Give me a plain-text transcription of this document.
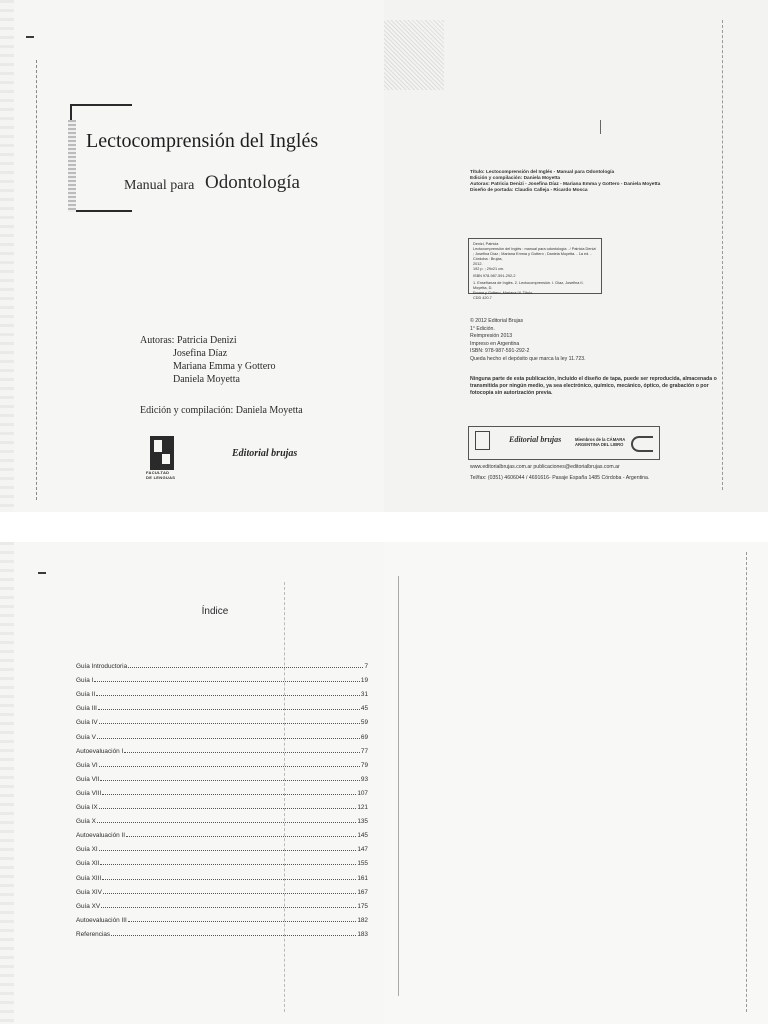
Lectocomprensión del Inglés
Manual para Odontología
Autoras: Patricia Denizi
Josefina Díaz
Mariana Emma y Gottero
Daniela Moyetta
Edición y compilación: Daniela Moyetta
FACULTAD DE LENGUAS
Editorial brujas
Título: Lectocomprensión del Inglés - Manual para Odontología
Edición y compilación: Daniela Moyetta
Autoras: Patricia Denizi - Josefina Díaz - Mariana Emma y Gottero - Daniela Moyetta
Diseño de portada: Claudio Calleja - Ricardo Mosca
Denizi, Patricia
Lectocomprensión del Inglés : manual para odontología . / Patricia Denizi
; Josefina Díaz ; Mariana Emma y Gottero ; Daniela Moyetta. - 1a ed. - Córdoba : Brujas,
2012.
192 p. ; 29x21 cm.
ISBN 978-987-591-292-2
1. Enseñanza de Inglés. 2. Lectocomprensión. I. Díaz, Josefina II. Moyetta, D.
Emma y Gottero, Mariana III. Título
CDD 420.7
© 2012 Editorial Brujas
1° Edición.
Reimpresión 2013
Impreso en Argentina
ISBN: 978-987-591-292-2
Queda hecho el depósito que marca la ley 11.723.
Ninguna parte de esta publicación, incluido el diseño de tapa, puede ser reproducida, almacenada o transmitida por ningún medio, ya sea electrónico, químico, mecánico, óptico, de grabación o por fotocopia sin autorización previa.
Editorial brujas	Miembros de la CÁMARA
ARGENTINA DEL LIBRO
www.editorialbrujas.com.ar publicaciones@editorialbrujas.com.ar
Tel/fax: (0351) 4606044 / 4691616- Pasaje España 1485 Córdoba - Argentina.
Índice
Guía Introductoria	7
Guía I	19
Guía II	31
Guía III	45
Guía IV	59
Guía V	69
Autoevaluación I	77
Guía VI	79
Guía VII	93
Guía VIII	107
Guía IX	121
Guía X	135
Autoevaluación II	145
Guía XI	147
Guía XII	155
Guía XIII	161
Guía XIV	167
Guía XV	175
Autoevaluación III	182
Referencias	183
